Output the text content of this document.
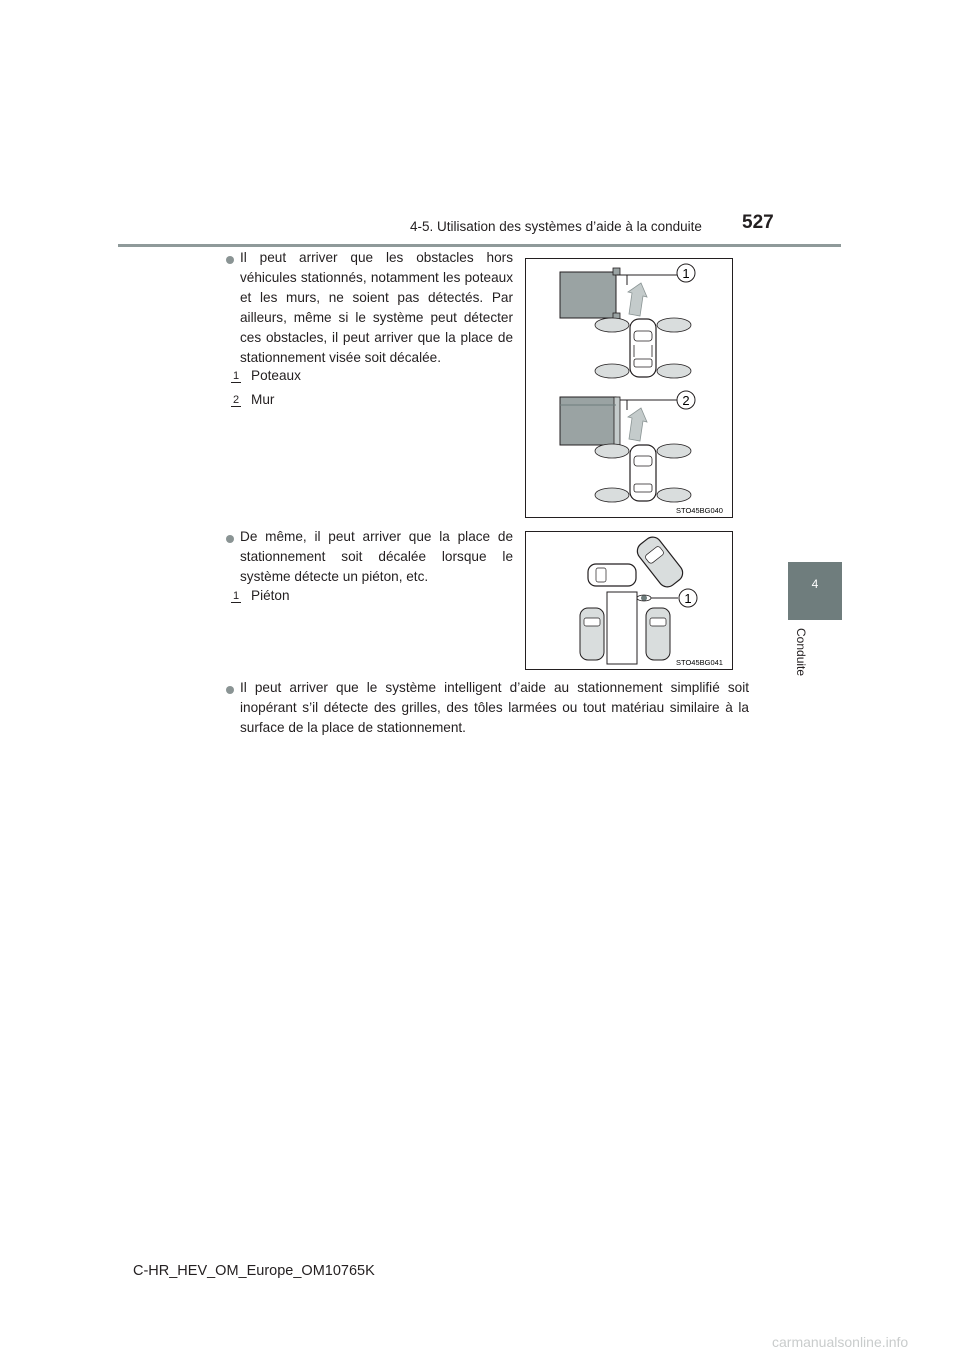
4-5. Utilisation des systèmes d’aide à la conduite 527
4
Conduite
Il peut arriver que les obstacles hors véhicules stationnés, notamment les poteaux et les murs, ne soient pas détectés. Par ailleurs, même si le système peut détecter ces obstacles, il peut arriver que la place de stationnement visée soit décalée.
1 Poteaux
2 Mur
1
2
STO45BG040
De même, il peut arriver que la place de stationnement soit décalée lorsque le système détecte un piéton, etc.
1 Piéton	1
STO45BG041
Il peut arriver que le système intelligent d’aide au stationnement simplifié soit inopérant s’il détecte des grilles, des tôles larmées ou tout matériau similaire à la surface de la place de stationnement.
C-HR_HEV_OM_Europe_OM10765K
carmanualsonline.info
